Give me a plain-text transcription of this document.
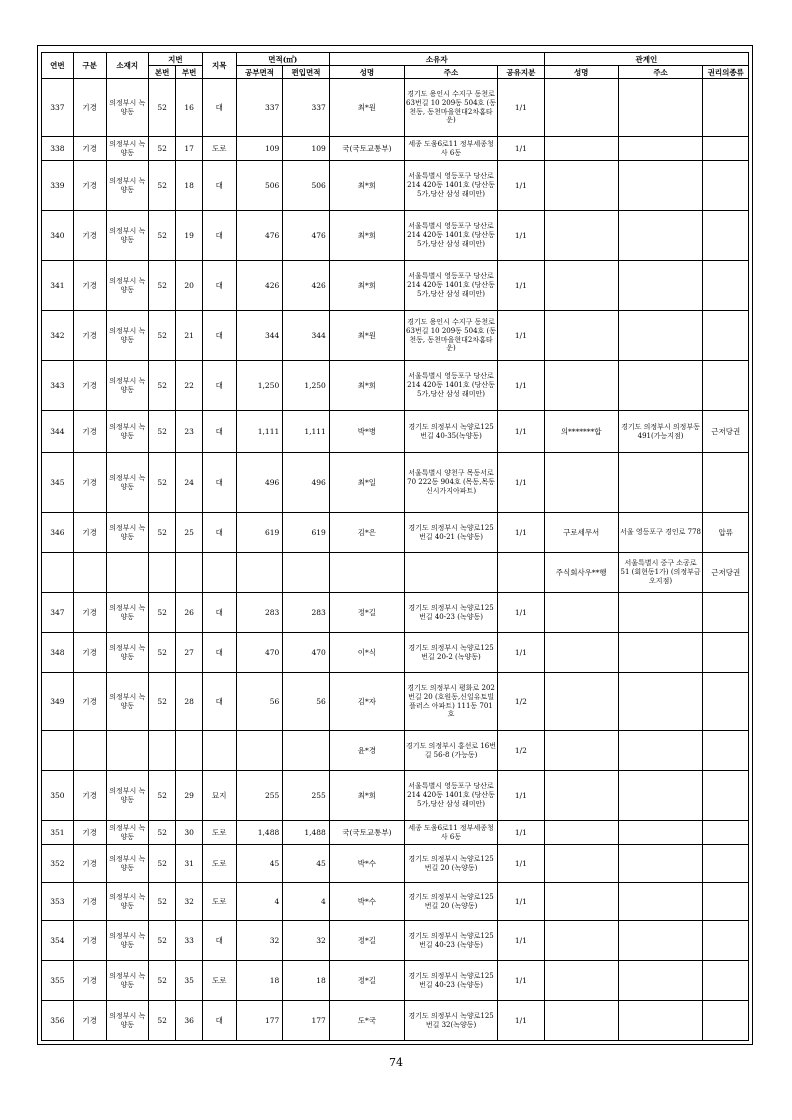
연번	구분	소재지	지번		지목	면적(㎡)		소유자			관계인		
			본번	부번		공부면적	편입면적	성명	주소	공유지분	성명	주소	권리의종류
337	기경	의정부시 녹양동	52	16	대	337	337	최*원	경기도 용인시 수지구 동천로63번길 10 209동 504호 (동천동, 동천마을현대2차홈타운)	1/1			
338	기경	의정부시 녹양동	52	17	도로	109	109	국(국토교통부)	세종 도움6로11 정부세종청사 6동	1/1			
339	기경	의정부시 녹양동	52	18	대	506	506	최*희	서울특별시 영등포구 당산로 214 420동 1401호 (당산동5가,당산 삼성 래미안)	1/1			
340	기경	의정부시 녹양동	52	19	대	476	476	최*희	서울특별시 영등포구 당산로 214 420동 1401호 (당산동5가,당산 삼성 래미안)	1/1			
341	기경	의정부시 녹양동	52	20	대	426	426	최*희	서울특별시 영등포구 당산로 214 420동 1401호 (당산동5가,당산 삼성 래미안)	1/1			
342	기경	의정부시 녹양동	52	21	대	344	344	최*원	경기도 용인시 수지구 동천로63번길 10 209동 504호 (동천동, 동천마을현대2차홈타운)	1/1			
343	기경	의정부시 녹양동	52	22	대	1,250	1,250	최*희	서울특별시 영등포구 당산로 214 420동 1401호 (당산동5가,당산 삼성 래미안)	1/1			
344	기경	의정부시 녹양동	52	23	대	1,111	1,111	박*병	경기도 의정부시 녹양로125번길 40-35(녹양동)	1/1	의*******합	경기도 의정부시 의정부동 491(가능지점)	근저당권
345	기경	의정부시 녹양동	52	24	대	496	496	최*일	서울특별시 양천구 목동서로 70 222동 904호 (목동,목동신시가지아파트)	1/1			
346	기경	의정부시 녹양동	52	25	대	619	619	김*은	경기도 의정부시 녹양로125번길 40-21 (녹양동)	1/1	구로세무서	서울 영등포구 경인로 778	압류
											주식회사우**행	서울특별시 중구 소공로 51 (회현동1가) (의정부금오지점)	근저당권
347	기경	의정부시 녹양동	52	26	대	283	283	정*길	경기도 의정부시 녹양로125번길 40-23 (녹양동)	1/1			
348	기경	의정부시 녹양동	52	27	대	470	470	이*식	경기도 의정부시 녹양로125번길 20-2 (녹양동)	1/1			
349	기경	의정부시 녹양동	52	28	대	56	56	김*자	경기도 의정부시 평화로 202번길 20 (호원동,신일유토빌 플러스 아파트) 111동 701호	1/2			
								윤*경	경기도 의정부시 홍선로 16번길 56-8 (가능동)	1/2			
350	기경	의정부시 녹양동	52	29	묘지	255	255	최*희	서울특별시 영등포구 당산로 214 420동 1401호 (당산동5가,당산 삼성 래미안)	1/1			
351	기경	의정부시 녹양동	52	30	도로	1,488	1,488	국(국토교통부)	세종 도움6로11 정부세종청사 6동	1/1			
352	기경	의정부시 녹양동	52	31	도로	45	45	박*수	경기도 의정부시 녹양로125번길 20 (녹양동)	1/1			
353	기경	의정부시 녹양동	52	32	도로	4	4	박*수	경기도 의정부시 녹양로125번길 20 (녹양동)	1/1			
354	기경	의정부시 녹양동	52	33	대	32	32	정*길	경기도 의정부시 녹양로125번길 40-23 (녹양동)	1/1			
355	기경	의정부시 녹양동	52	35	도로	18	18	정*길	경기도 의정부시 녹양로125번길 40-23 (녹양동)	1/1			
356	기경	의정부시 녹양동	52	36	대	177	177	도*국	경기도 의정부시 녹양로125번길 32(녹양동)	1/1			
74
